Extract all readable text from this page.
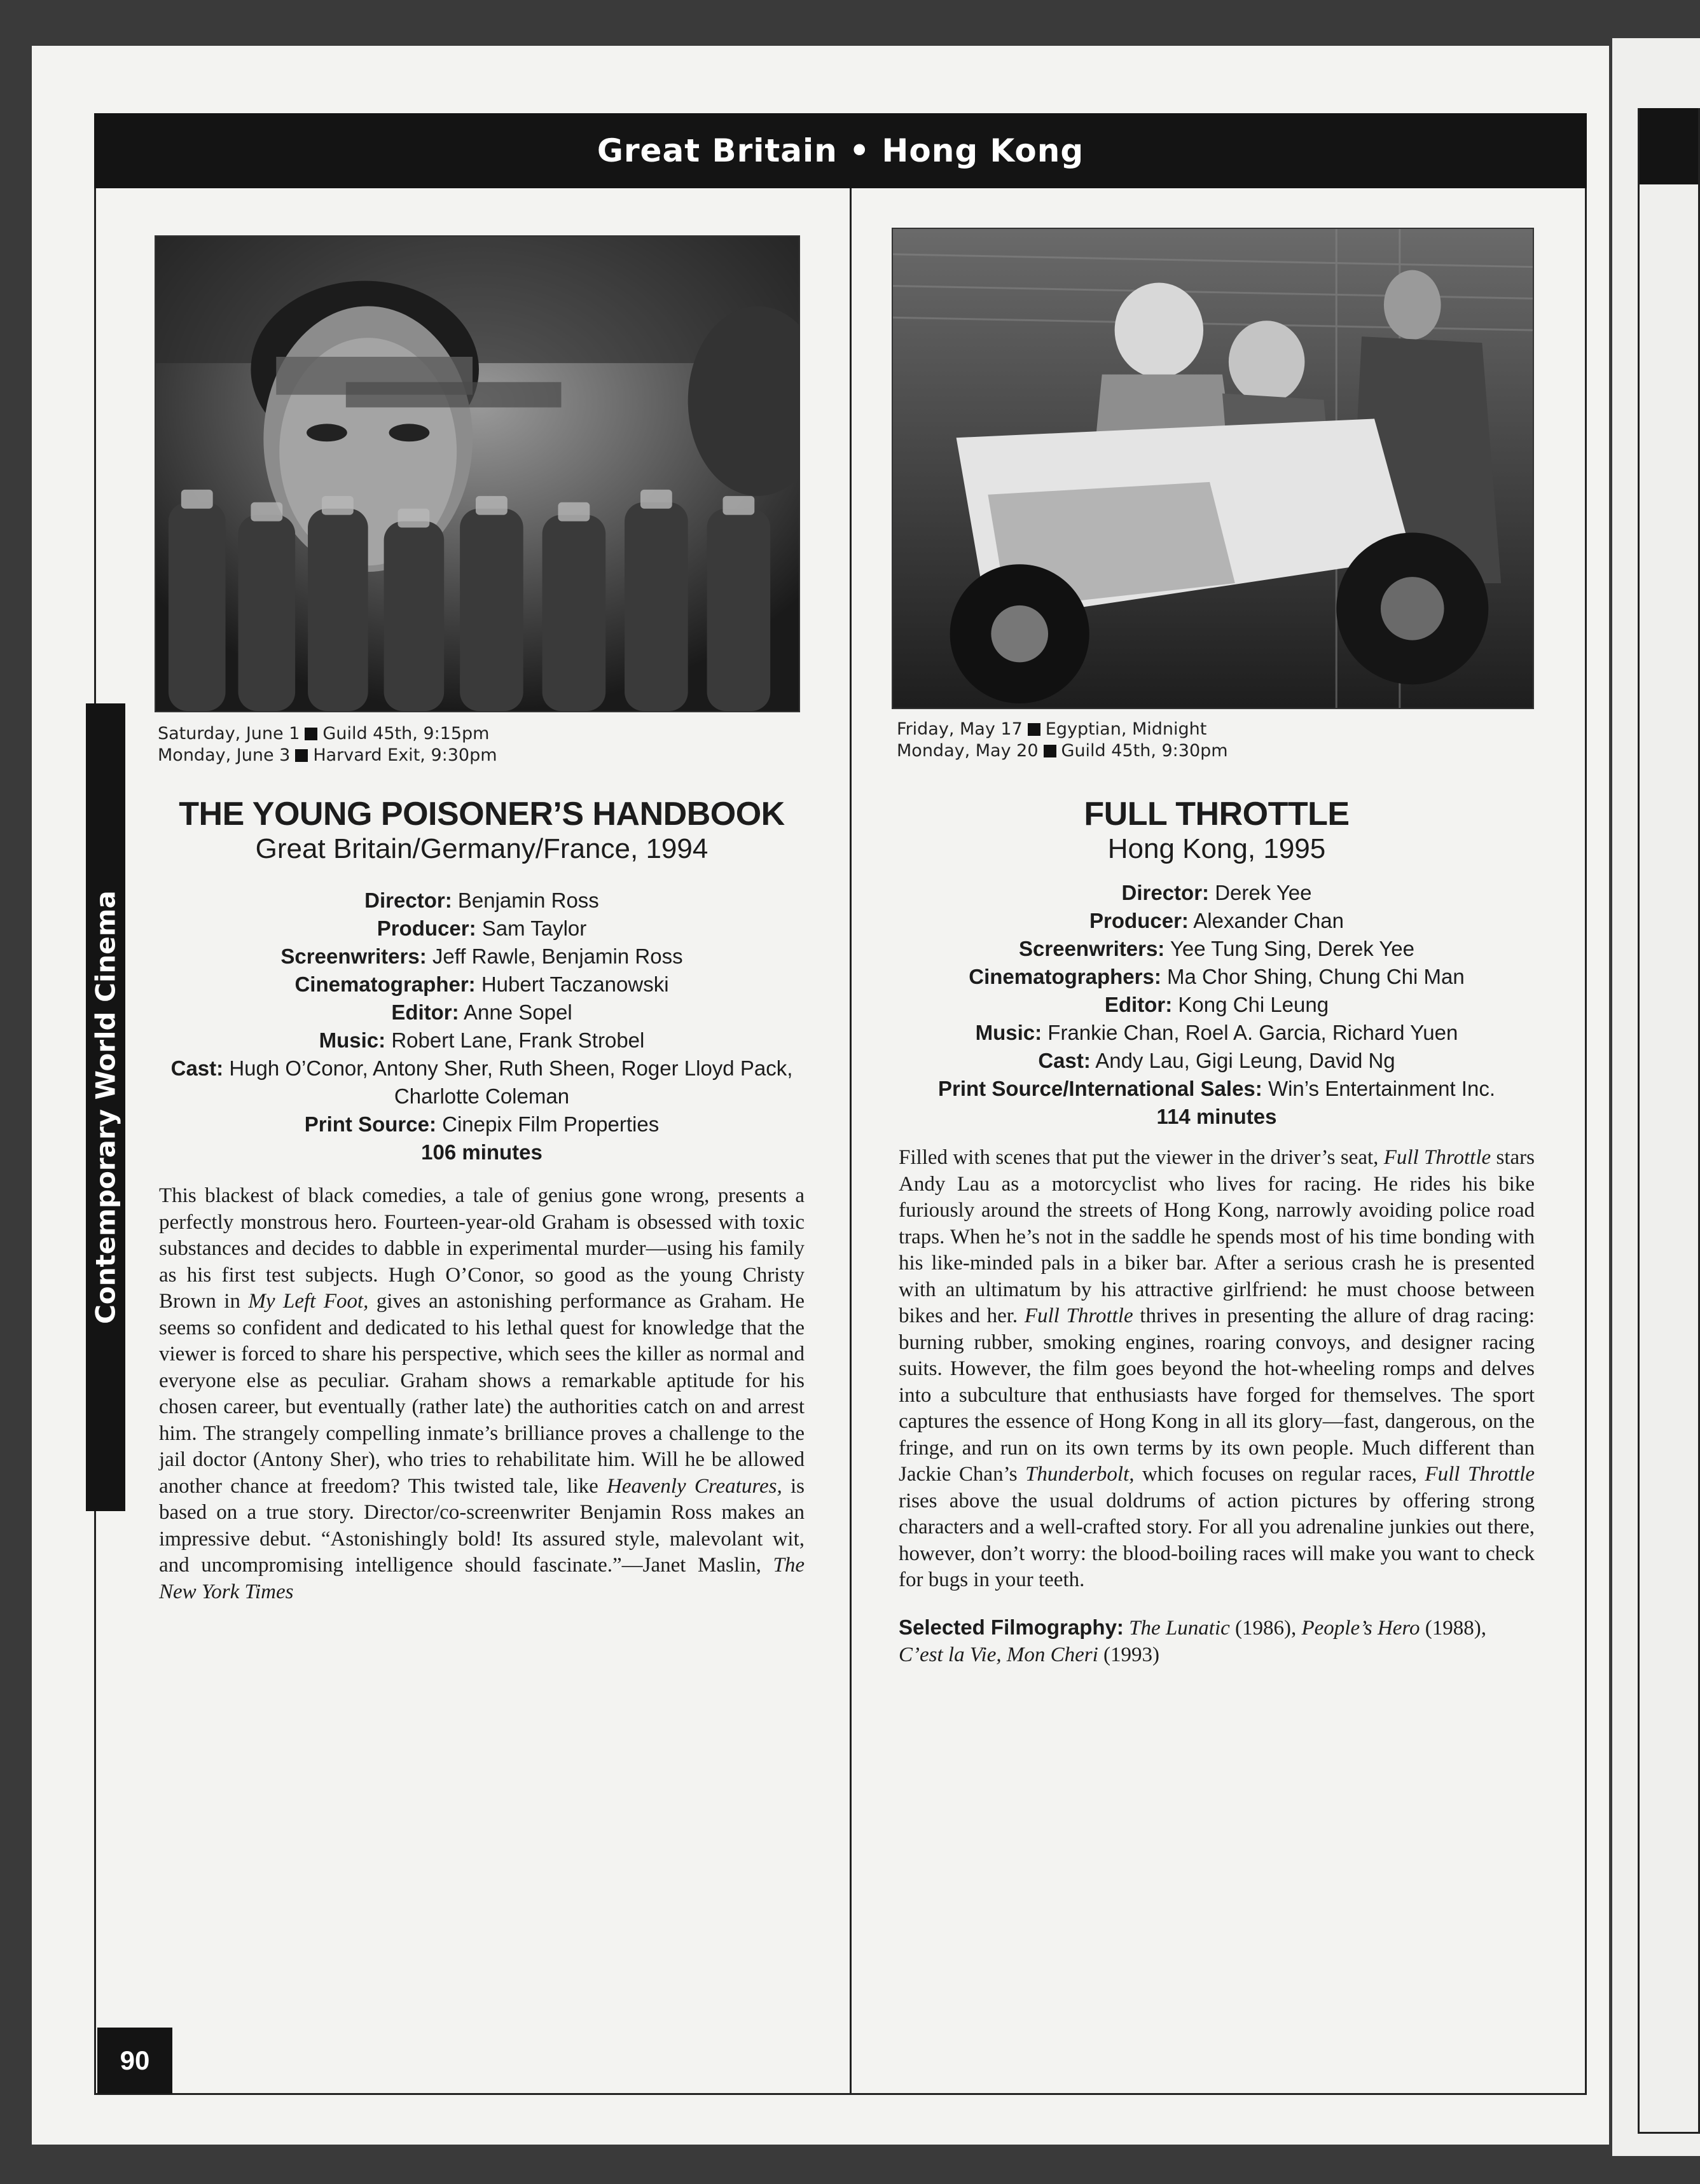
Great Britain • Hong Kong
Contemporary World Cinema
90
Saturday, June 1 Guild 45th, 9:15pm
Monday, June 3 Harvard Exit, 9:30pm
Friday, May 17 Egyptian, Midnight
Monday, May 20 Guild 45th, 9:30pm
THE YOUNG POISONER’S HANDBOOK
Great Britain/Germany/France, 1994
Director: Benjamin Ross
Producer: Sam Taylor
Screenwriters: Jeff Rawle, Benjamin Ross
Cinematographer: Hubert Taczanowski
Editor: Anne Sopel
Music: Robert Lane, Frank Strobel
Cast: Hugh O’Conor, Antony Sher, Ruth Sheen, Roger Lloyd Pack, Charlotte Coleman
Print Source: Cinepix Film Properties
106 minutes
This blackest of black comedies, a tale of genius gone wrong, presents a perfectly monstrous hero. Fourteen-year-old Graham is obsessed with toxic substances and decides to dabble in experimental murder—using his family as his first test subjects. Hugh O’Conor, so good as the young Christy Brown in My Left Foot, gives an astonishing performance as Graham. He seems so confident and dedicated to his lethal quest for knowledge that the viewer is forced to share his perspective, which sees the killer as normal and everyone else as peculiar. Graham shows a remarkable aptitude for his chosen career, but eventually (rather late) the authorities catch on and arrest him. The strangely compelling inmate’s brilliance proves a challenge to the jail doctor (Antony Sher), who tries to rehabilitate him. Will he be allowed another chance at freedom? This twisted tale, like Heavenly Creatures, is based on a true story. Director/co-screenwriter Benjamin Ross makes an impressive debut. “Astonishingly bold! Its assured style, malevolant wit, and uncompromising intelligence should fascinate.”—Janet Maslin, The New York Times
FULL THROTTLE
Hong Kong, 1995
Director: Derek Yee
Producer: Alexander Chan
Screenwriters: Yee Tung Sing, Derek Yee
Cinematographers: Ma Chor Shing, Chung Chi Man
Editor: Kong Chi Leung
Music: Frankie Chan, Roel A. Garcia, Richard Yuen
Cast: Andy Lau, Gigi Leung, David Ng
Print Source/International Sales: Win’s Entertainment Inc.
114 minutes
Filled with scenes that put the viewer in the driver’s seat, Full Throttle stars Andy Lau as a motorcyclist who lives for racing. He rides his bike furiously around the streets of Hong Kong, narrowly avoiding police road traps. When he’s not in the saddle he spends most of his time bonding with his like-minded pals in a biker bar. After a serious crash he is presented with an ultimatum by his attractive girlfriend: he must choose between bikes and her. Full Throttle thrives in presenting the allure of drag racing: burning rubber, smoking engines, roaring convoys, and designer racing suits. However, the film goes beyond the hot-wheeling romps and delves into a subculture that enthusiasts have forged for themselves. The sport captures the essence of Hong Kong in all its glory—fast, dangerous, on the fringe, and run on its own terms by its own people. Much different than Jackie Chan’s Thunderbolt, which focuses on regular races, Full Throttle rises above the usual doldrums of action pictures by offering strong characters and a well-crafted story. For all you adrenaline junkies out there, however, don’t worry: the blood-boiling races will make you want to check for bugs in your teeth.
Selected Filmography: The Lunatic (1986), People’s Hero (1988), C’est la Vie, Mon Cheri (1993)
